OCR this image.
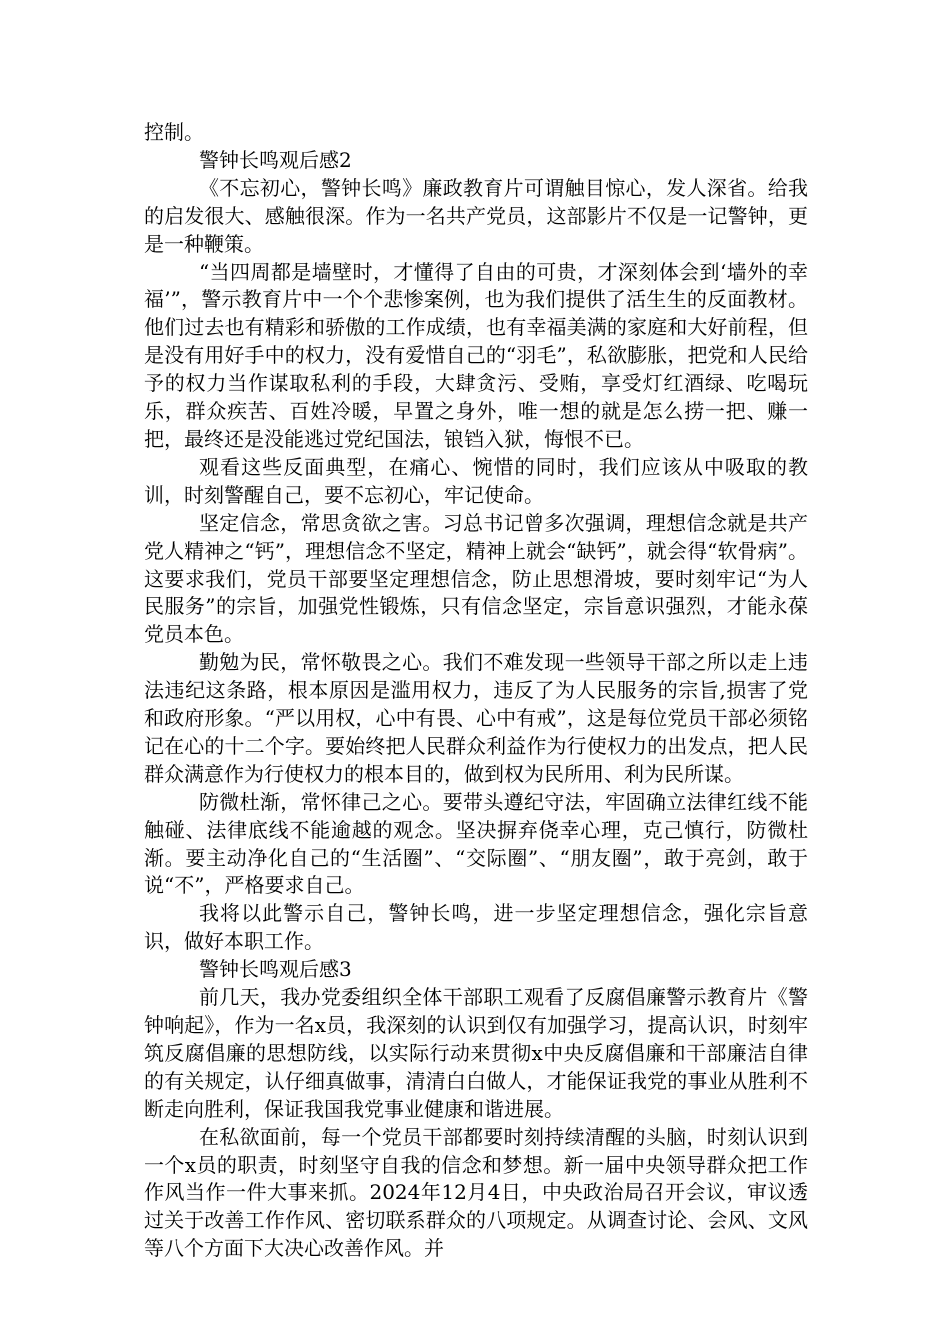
控制。

警钟长鸣观后感2

《不忘初心，警钟长鸣》廉政教育片可谓触目惊心，发人深省。给我的启发很大、感触很深。作为一名共产党员，这部影片不仅是一记警钟，更是一种鞭策。

“当四周都是墙壁时，才懂得了自由的可贵，才深刻体会到‘墙外的幸福’”，警示教育片中一个个悲惨案例，也为我们提供了活生生的反面教材。他们过去也有精彩和骄傲的工作成绩，也有幸福美满的家庭和大好前程，但是没有用好手中的权力，没有爱惜自己的“羽毛”，私欲膨胀，把党和人民给予的权力当作谋取私利的手段，大肆贪污、受贿，享受灯红酒绿、吃喝玩乐，群众疾苦、百姓冷暖，早置之身外，唯一想的就是怎么捞一把、赚一把，最终还是没能逃过党纪国法，锒铛入狱，悔恨不已。

观看这些反面典型，在痛心、惋惜的同时，我们应该从中吸取的教训，时刻警醒自己，要不忘初心，牢记使命。

坚定信念，常思贪欲之害。习总书记曾多次强调，理想信念就是共产党人精神之“钙”，理想信念不坚定，精神上就会“缺钙”，就会得“软骨病”。这要求我们，党员干部要坚定理想信念，防止思想滑坡，要时刻牢记“为人民服务”的宗旨，加强党性锻炼，只有信念坚定，宗旨意识强烈，才能永葆党员本色。

勤勉为民，常怀敬畏之心。我们不难发现一些领导干部之所以走上违法违纪这条路，根本原因是滥用权力，违反了为人民服务的宗旨,损害了党和政府形象。“严以用权，心中有畏、心中有戒”，这是每位党员干部必须铭记在心的十二个字。要始终把人民群众利益作为行使权力的出发点，把人民群众满意作为行使权力的根本目的，做到权为民所用、利为民所谋。

防微杜渐，常怀律己之心。要带头遵纪守法，牢固确立法律红线不能触碰、法律底线不能逾越的观念。坚决摒弃侥幸心理，克己慎行，防微杜渐。要主动净化自己的“生活圈”、“交际圈”、“朋友圈”，敢于亮剑，敢于说“不”，严格要求自己。

我将以此警示自己，警钟长鸣，进一步坚定理想信念，强化宗旨意识，做好本职工作。

警钟长鸣观后感3

前几天，我办党委组织全体干部职工观看了反腐倡廉警示教育片《警钟响起》，作为一名x员，我深刻的认识到仅有加强学习，提高认识，时刻牢筑反腐倡廉的思想防线，以实际行动来贯彻x中央反腐倡廉和干部廉洁自律的有关规定，认仔细真做事，清清白白做人，才能保证我党的事业从胜利不断走向胜利，保证我国我党事业健康和谐进展。

在私欲面前，每一个党员干部都要时刻持续清醒的头脑，时刻认识到一个x员的职责，时刻坚守自我的信念和梦想。新一届中央领导群众把工作作风当作一件大事来抓。2024年12月4日，中央政治局召开会议，审议透过关于改善工作作风、密切联系群众的八项规定。从调查讨论、会风、文风等八个方面下大决心改善作风。并
